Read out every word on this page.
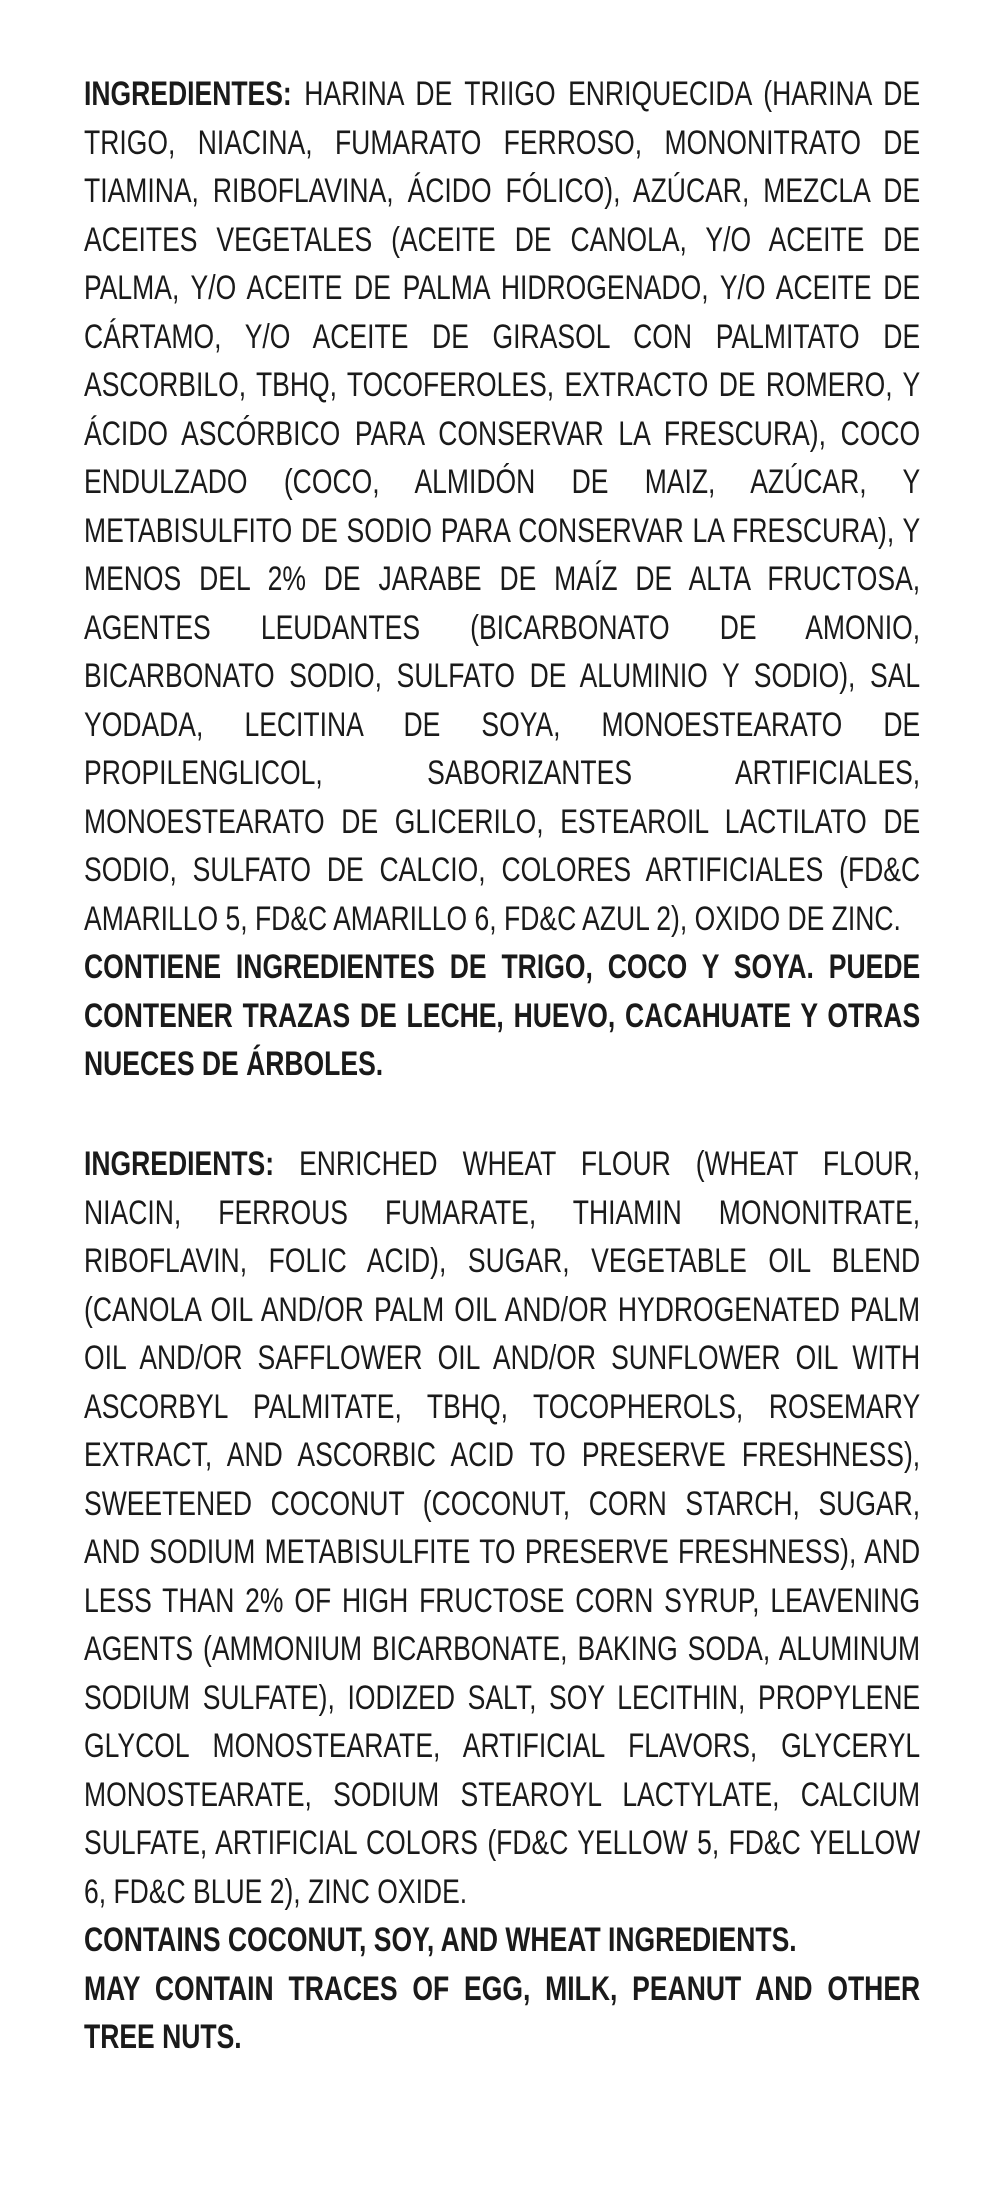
INGREDIENTES: HARINA DE TRIIGO ENRIQUECIDA (HARINA DE TRIGO, NIACINA, FUMARATO FERROSO, MONONITRATO DE TIAMINA, RIBOFLAVINA, ÁCIDO FÓLICO), AZÚCAR, MEZCLA DE ACEITES VEGETALES (ACEITE DE CANOLA, Y/O ACEITE DE PALMA, Y/O ACEITE DE PALMA HIDROGENADO, Y/O ACEITE DE CÁRTAMO, Y/O ACEITE DE GIRASOL CON PALMITATO DE ASCORBILO, TBHQ, TOCOFEROLES, EXTRACTO DE ROMERO, Y ÁCIDO ASCÓRBICO PARA CONSERVAR LA FRESCURA), COCO ENDULZADO (COCO, ALMIDÓN DE MAIZ, AZÚCAR, Y METABISULFITO DE SODIO PARA CONSERVAR LA FRESCURA), Y MENOS DEL 2% DE JARABE DE MAÍZ DE ALTA FRUCTOSA, AGENTES LEUDANTES (BICARBONATO DE AMONIO, BICARBONATO SODIO, SULFATO DE ALUMINIO Y SODIO), SAL YODADA, LECITINA DE SOYA, MONOESTEARATO DE PROPILENGLICOL, SABORIZANTES ARTIFICIALES, MONOESTEARATO DE GLICERILO, ESTEAROIL LACTILATO DE SODIO, SULFATO DE CALCIO, COLORES ARTIFICIALES (FD&C AMARILLO 5, FD&C AMARILLO 6, FD&C AZUL 2), OXIDO DE ZINC.

CONTIENE INGREDIENTES DE TRIGO, COCO Y SOYA. PUEDE CONTENER TRAZAS DE LECHE, HUEVO, CACAHUATE Y OTRAS NUECES DE ÁRBOLES.

INGREDIENTS: ENRICHED WHEAT FLOUR (WHEAT FLOUR, NIACIN, FERROUS FUMARATE, THIAMIN MONONITRATE, RIBOFLAVIN, FOLIC ACID), SUGAR, VEGETABLE OIL BLEND (CANOLA OIL AND/OR PALM OIL AND/OR HYDROGENATED PALM OIL AND/OR SAFFLOWER OIL AND/OR SUNFLOWER OIL WITH ASCORBYL PALMITATE, TBHQ, TOCOPHEROLS, ROSEMARY EXTRACT, AND ASCORBIC ACID TO PRESERVE FRESHNESS), SWEETENED COCONUT (COCONUT, CORN STARCH, SUGAR, AND SODIUM METABISULFITE TO PRESERVE FRESHNESS), AND LESS THAN 2% OF HIGH FRUCTOSE CORN SYRUP, LEAVENING AGENTS (AMMONIUM BICARBONATE, BAKING SODA, ALUMINUM SODIUM SULFATE), IODIZED SALT, SOY LECITHIN, PROPYLENE GLYCOL MONOSTEARATE, ARTIFICIAL FLAVORS, GLYCERYL MONOSTEARATE, SODIUM STEAROYL LACTYLATE, CALCIUM SULFATE, ARTIFICIAL COLORS (FD&C YELLOW 5, FD&C YELLOW 6, FD&C BLUE 2), ZINC OXIDE.

CONTAINS COCONUT, SOY, AND WHEAT INGREDIENTS.

MAY CONTAIN TRACES OF EGG, MILK, PEANUT AND OTHER TREE NUTS.
